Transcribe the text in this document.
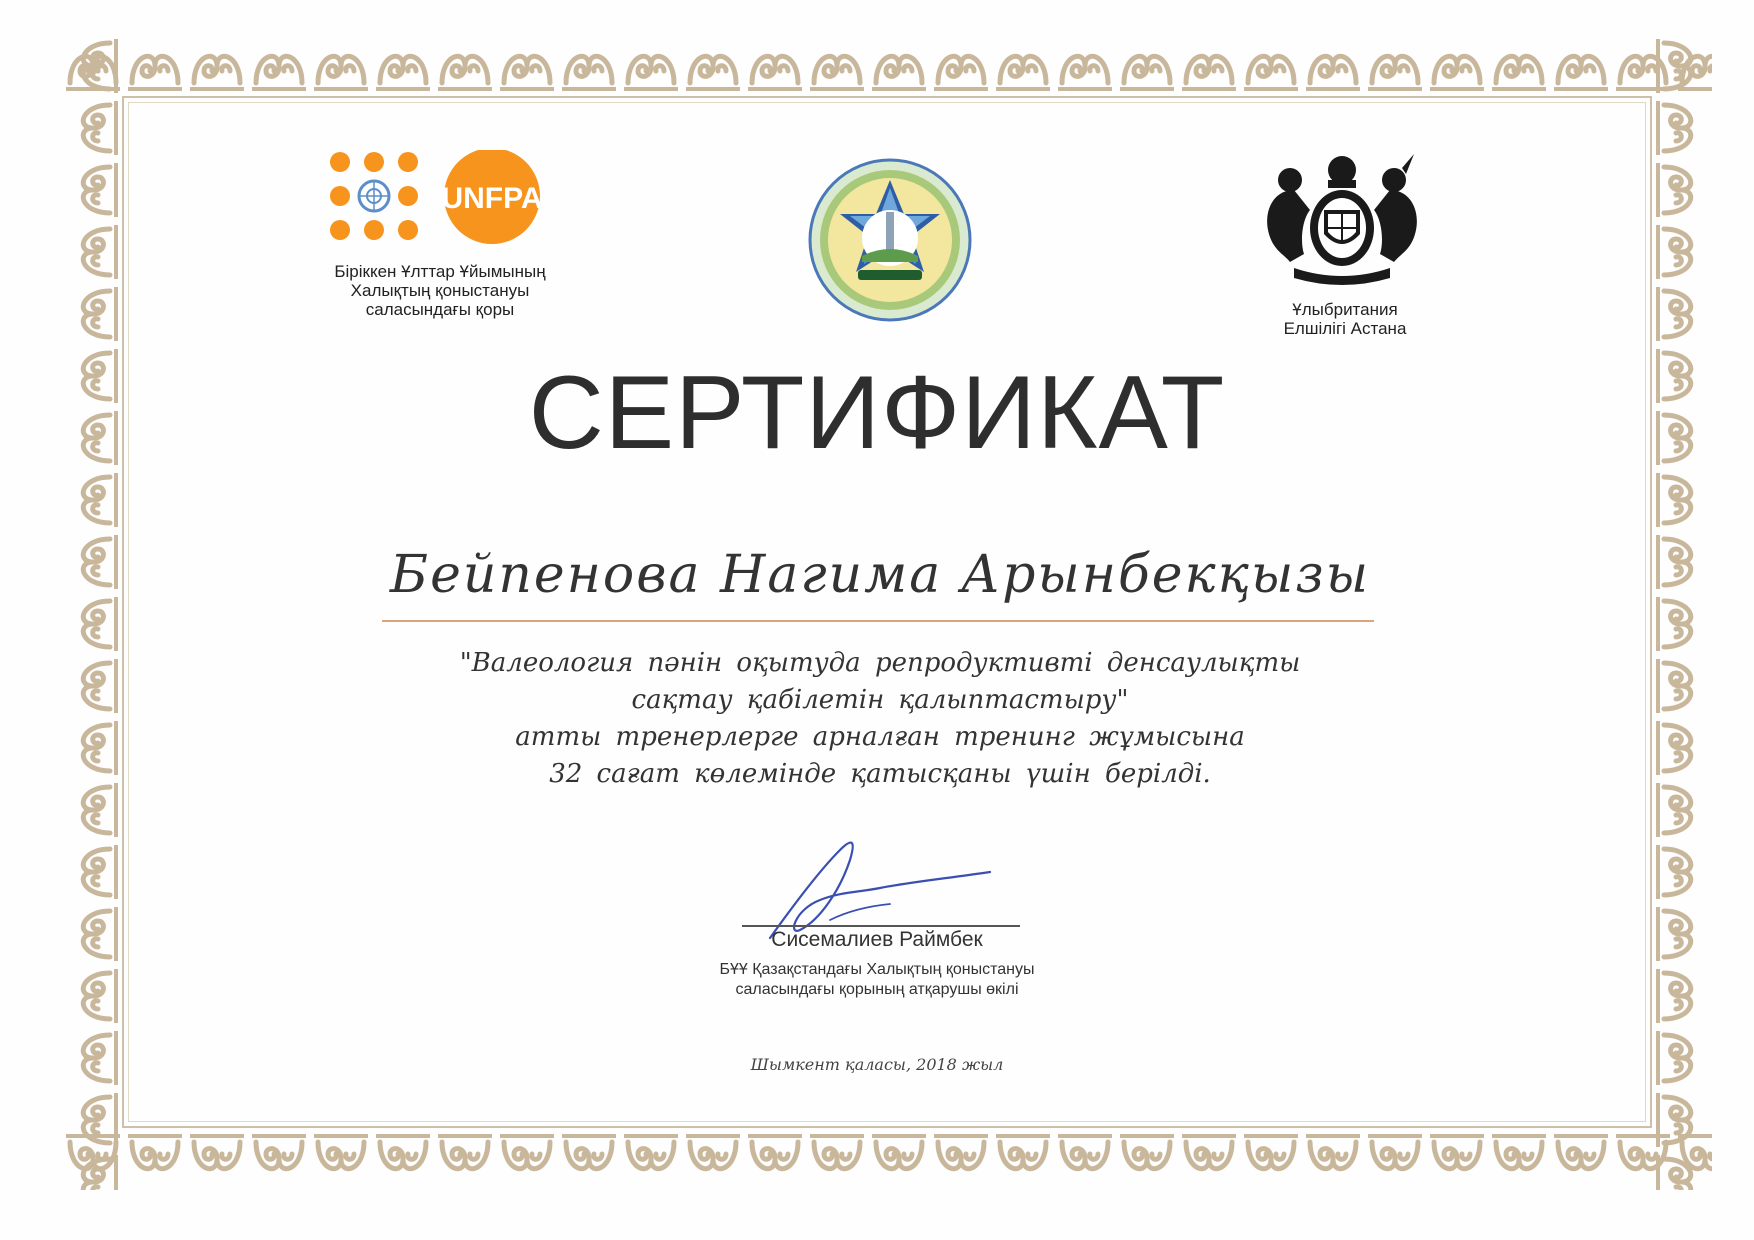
UNFPA
Біріккен Ұлттар Ұйымының
Халықтың қоныстануы
саласындағы қоры	Ұлыбритания
Елшілігі Астана
СЕРТИФИКАТ
Бейпенова Нагима Арынбекқызы
"Валеология пәнін оқытуда репродуктивті денсаулықты
сақтау қабілетін қалыптастыру"
атты тренерлерге арналған тренинг жұмысына
32 сағат көлемінде қатысқаны үшін берілді.
Сисемалиев Раймбек
БҰҰ Қазақстандағы Халықтың қоныстануы
саласындағы қорының атқарушы өкілі
Шымкент қаласы, 2018 жыл
